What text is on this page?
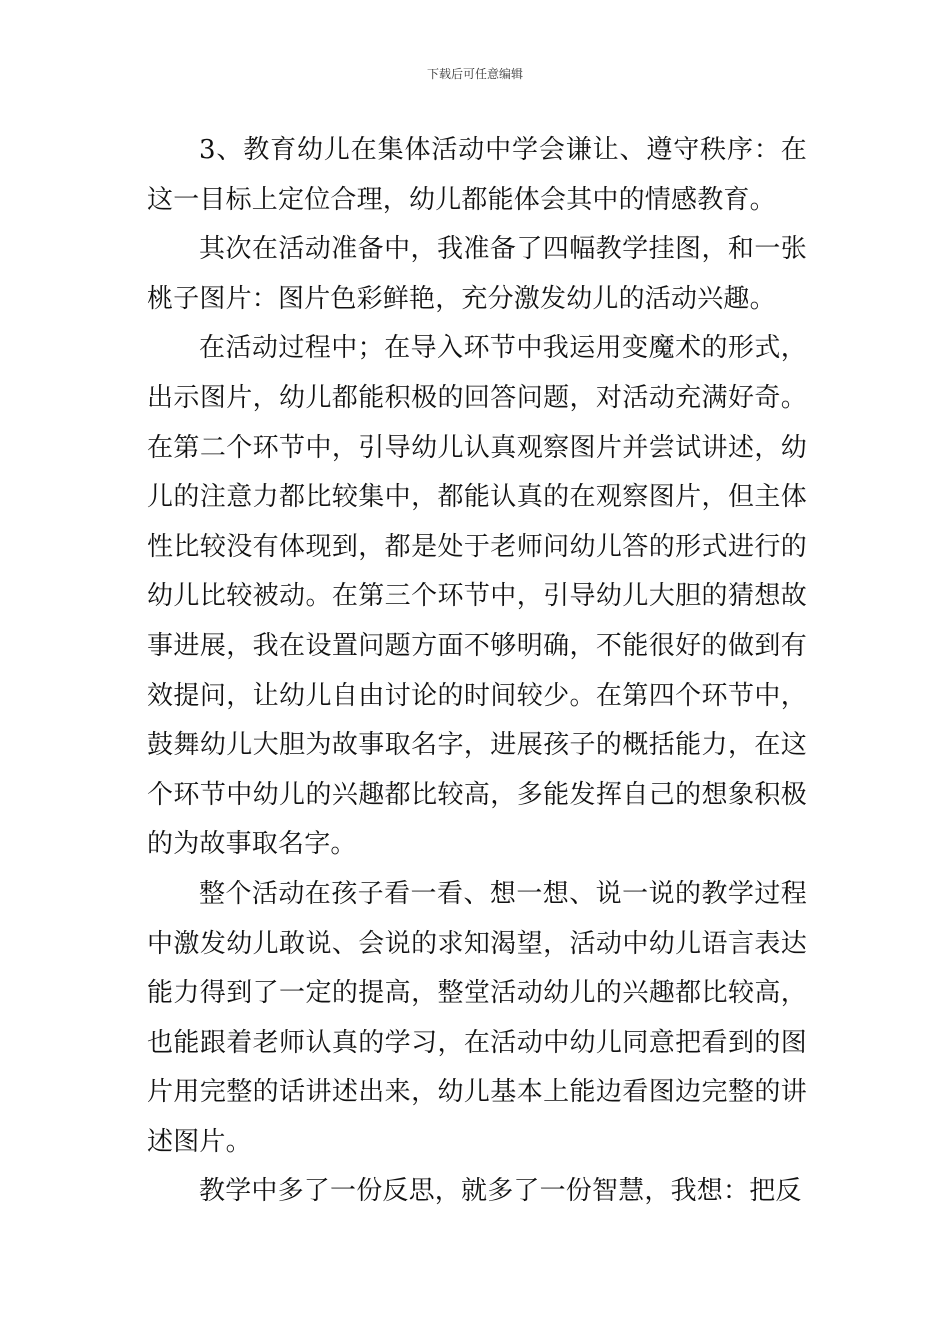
下载后可任意编辑

3、教育幼儿在集体活动中学会谦让、遵守秩序：在这一目标上定位合理，幼儿都能体会其中的情感教育。

其次在活动准备中，我准备了四幅教学挂图，和一张桃子图片：图片色彩鲜艳，充分激发幼儿的活动兴趣。

在活动过程中；在导入环节中我运用变魔术的形式，出示图片，幼儿都能积极的回答问题，对活动充满好奇。在第二个环节中，引导幼儿认真观察图片并尝试讲述，幼儿的注意力都比较集中，都能认真的在观察图片，但主体性比较没有体现到，都是处于老师问幼儿答的形式进行的幼儿比较被动。在第三个环节中，引导幼儿大胆的猜想故事进展，我在设置问题方面不够明确，不能很好的做到有效提问，让幼儿自由讨论的时间较少。在第四个环节中，鼓舞幼儿大胆为故事取名字，进展孩子的概括能力，在这个环节中幼儿的兴趣都比较高，多能发挥自己的想象积极的为故事取名字。

整个活动在孩子看一看、想一想、说一说的教学过程中激发幼儿敢说、会说的求知渴望，活动中幼儿语言表达能力得到了一定的提高，整堂活动幼儿的兴趣都比较高，也能跟着老师认真的学习，在活动中幼儿同意把看到的图片用完整的话讲述出来，幼儿基本上能边看图边完整的讲述图片。

教学中多了一份反思，就多了一份智慧，我想：把反
